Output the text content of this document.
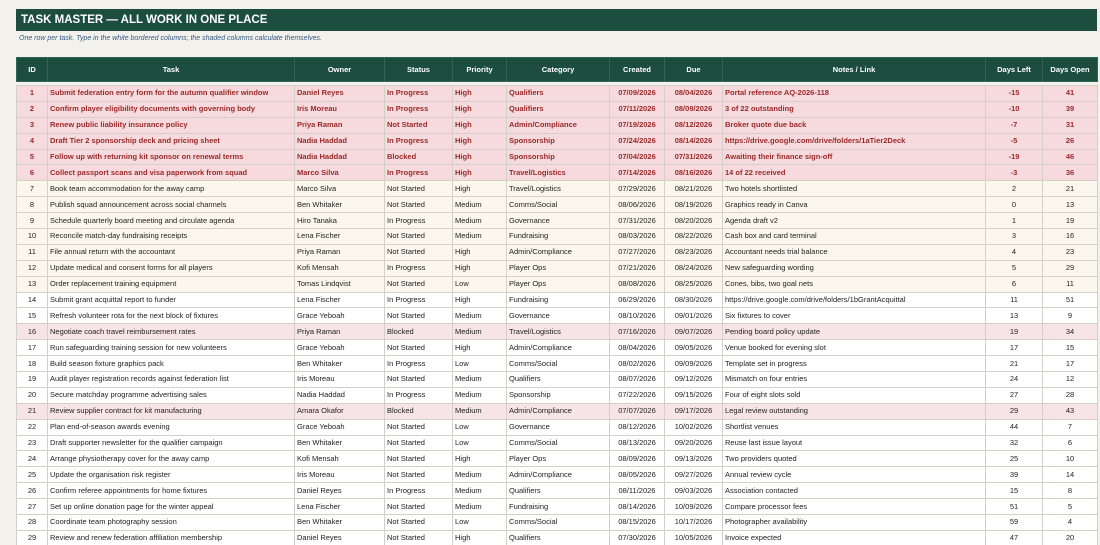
TASK MASTER — ALL WORK IN ONE PLACE
One row per task. Type in the white bordered columns; the shaded columns calculate themselves.
ID	Task	Owner	Status	Priority	Category	Created	Due	Notes / Link	Days Left	Days Open

1	Submit federation entry form for the autumn qualifier window	Daniel Reyes	In Progress	High	Qualifiers	07/09/2026	08/04/2026	Portal reference AQ-2026-118	-15	41
2	Confirm player eligibility documents with governing body	Iris Moreau	In Progress	High	Qualifiers	07/11/2026	08/09/2026	3 of 22 outstanding	-10	39
3	Renew public liability insurance policy	Priya Raman	Not Started	High	Admin/Compliance	07/19/2026	08/12/2026	Broker quote due back	-7	31
4	Draft Tier 2 sponsorship deck and pricing sheet	Nadia Haddad	In Progress	High	Sponsorship	07/24/2026	08/14/2026	https://drive.google.com/drive/folders/1aTier2Deck	-5	26
5	Follow up with returning kit sponsor on renewal terms	Nadia Haddad	Blocked	High	Sponsorship	07/04/2026	07/31/2026	Awaiting their finance sign-off	-19	46
6	Collect passport scans and visa paperwork from squad	Marco Silva	In Progress	High	Travel/Logistics	07/14/2026	08/16/2026	14 of 22 received	-3	36
7	Book team accommodation for the away camp	Marco Silva	Not Started	High	Travel/Logistics	07/29/2026	08/21/2026	Two hotels shortlisted	2	21
8	Publish squad announcement across social channels	Ben Whitaker	Not Started	Medium	Comms/Social	08/06/2026	08/19/2026	Graphics ready in Canva	0	13
9	Schedule quarterly board meeting and circulate agenda	Hiro Tanaka	In Progress	Medium	Governance	07/31/2026	08/20/2026	Agenda draft v2	1	19
10	Reconcile match-day fundraising receipts	Lena Fischer	Not Started	Medium	Fundraising	08/03/2026	08/22/2026	Cash box and card terminal	3	16
11	File annual return with the accountant	Priya Raman	Not Started	High	Admin/Compliance	07/27/2026	08/23/2026	Accountant needs trial balance	4	23
12	Update medical and consent forms for all players	Kofi Mensah	In Progress	High	Player Ops	07/21/2026	08/24/2026	New safeguarding wording	5	29
13	Order replacement training equipment	Tomas Lindqvist	Not Started	Low	Player Ops	08/08/2026	08/25/2026	Cones, bibs, two goal nets	6	11
14	Submit grant acquittal report to funder	Lena Fischer	In Progress	High	Fundraising	06/29/2026	08/30/2026	https://drive.google.com/drive/folders/1bGrantAcquittal	11	51
15	Refresh volunteer rota for the next block of fixtures	Grace Yeboah	Not Started	Medium	Governance	08/10/2026	09/01/2026	Six fixtures to cover	13	9
16	Negotiate coach travel reimbursement rates	Priya Raman	Blocked	Medium	Travel/Logistics	07/16/2026	09/07/2026	Pending board policy update	19	34
17	Run safeguarding training session for new volunteers	Grace Yeboah	Not Started	High	Admin/Compliance	08/04/2026	09/05/2026	Venue booked for evening slot	17	15
18	Build season fixture graphics pack	Ben Whitaker	In Progress	Low	Comms/Social	08/02/2026	09/09/2026	Template set in progress	21	17
19	Audit player registration records against federation list	Iris Moreau	Not Started	Medium	Qualifiers	08/07/2026	09/12/2026	Mismatch on four entries	24	12
20	Secure matchday programme advertising sales	Nadia Haddad	In Progress	Medium	Sponsorship	07/22/2026	09/15/2026	Four of eight slots sold	27	28
21	Review supplier contract for kit manufacturing	Amara Okafor	Blocked	Medium	Admin/Compliance	07/07/2026	09/17/2026	Legal review outstanding	29	43
22	Plan end-of-season awards evening	Grace Yeboah	Not Started	Low	Governance	08/12/2026	10/02/2026	Shortlist venues	44	7
23	Draft supporter newsletter for the qualifier campaign	Ben Whitaker	Not Started	Low	Comms/Social	08/13/2026	09/20/2026	Reuse last issue layout	32	6
24	Arrange physiotherapy cover for the away camp	Kofi Mensah	Not Started	High	Player Ops	08/09/2026	09/13/2026	Two providers quoted	25	10
25	Update the organisation risk register	Iris Moreau	Not Started	Medium	Admin/Compliance	08/05/2026	09/27/2026	Annual review cycle	39	14
26	Confirm referee appointments for home fixtures	Daniel Reyes	In Progress	Medium	Qualifiers	08/11/2026	09/03/2026	Association contacted	15	8
27	Set up online donation page for the winter appeal	Lena Fischer	Not Started	Medium	Fundraising	08/14/2026	10/09/2026	Compare processor fees	51	5
28	Coordinate team photography session	Ben Whitaker	Not Started	Low	Comms/Social	08/15/2026	10/17/2026	Photographer availability	59	4
29	Review and renew federation affiliation membership	Daniel Reyes	Not Started	High	Qualifiers	07/30/2026	10/05/2026	Invoice expected	47	20
